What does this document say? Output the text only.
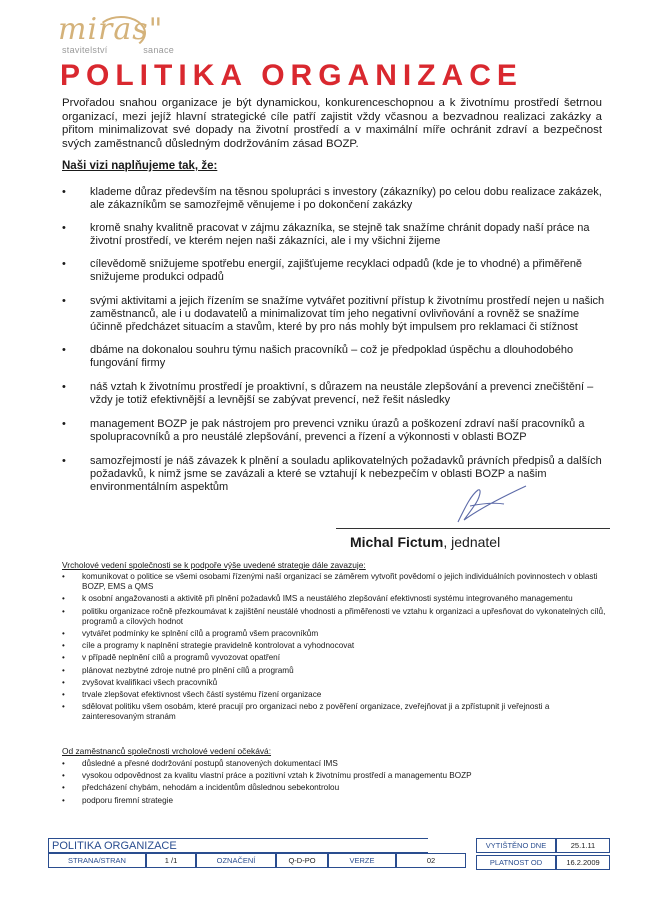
miras"
stavitelství	sanace
POLITIKA ORGANIZACE
Prvořadou snahou organizace je být dynamickou, konkurenceschopnou a k životnímu prostředí šetrnou organizací, mezi jejíž hlavní strategické cíle patří zajistit vždy včasnou a bezvadnou realizaci zakázky a přitom minimalizovat své dopady na životní prostředí a v maximální míře ochránit zdraví a bezpečnost svých zaměstnanců důsledným dodržováním zásad BOZP.
Naši vizi naplňujeme tak, že:
• klademe důraz především na těsnou spolupráci s investory (zákazníky) po celou dobu realizace zakázek, ale zákazníkům se samozřejmě věnujeme i po dokončení zakázky
• kromě snahy kvalitně pracovat v zájmu zákazníka, se stejně tak snažíme chránit dopady naší práce na životní prostředí, ve kterém nejen naši zákazníci, ale i my všichni žijeme
• cílevědomě snižujeme spotřebu energií, zajišťujeme recyklaci odpadů (kde je to vhodné) a přiměřeně snižujeme produkci odpadů
• svými aktivitami a jejich řízením se snažíme vytvářet pozitivní přístup k životnímu prostředí nejen u našich zaměstnanců, ale i u dodavatelů a minimalizovat tím jeho negativní ovlivňování a rovněž se snažíme účinně předcházet situacím a stavům, které by pro nás mohly být impulsem pro reklamaci či stížnost
• dbáme na dokonalou souhru týmu našich pracovníků – což je předpoklad úspěchu a dlouhodobého fungování firmy
• náš vztah k životnímu prostředí je proaktivní, s důrazem na neustále zlepšování a prevenci znečištění – vždy je totiž efektivnější a levnější se zabývat prevencí, než řešit následky
• management BOZP je pak nástrojem pro prevenci vzniku úrazů a poškození zdraví naší pracovníků a spolupracovníků a pro neustálé zlepšování, prevenci a řízení a výkonnosti v oblasti BOZP
• samozřejmostí je náš závazek k plnění a souladu aplikovatelných požadavků právních předpisů a dalších požadavků, k nimž jsme se zavázali a které se vztahují k nebezpečím v oblasti BOZP a našim environmentálním aspektům
Michal Fictum, jednatel
Vrcholové vedení společnosti se k podpoře výše uvedené strategie dále zavazuje:
• komunikovat o politice se všemi osobami řízenými naší organizací se záměrem vytvořit povědomí o jejich individuálních povinnostech v oblasti BOZP, EMS a QMS
• k osobní angažovanosti a aktivitě při plnění požadavků IMS a neustálého zlepšování efektivnosti systému integrovaného managementu
• politiku organizace ročně přezkoumávat k zajištění neustálé vhodnosti a přiměřenosti ve vztahu k organizaci a upřesňovat do vykonatelných cílů, programů a cílových hodnot
• vytvářet podmínky ke splnění cílů a programů všem pracovníkům
• cíle a programy k naplnění strategie pravidelně kontrolovat a vyhodnocovat
• v případě neplnění cílů a programů vyvozovat opatření
• plánovat nezbytné zdroje nutné pro plnění cílů a programů
• zvyšovat kvalifikaci všech pracovníků
• trvale zlepšovat efektivnost všech částí systému řízení organizace
• sdělovat politiku všem osobám, které pracují pro organizaci nebo z pověření organizace, zveřejňovat ji a zpřístupnit ji veřejnosti a zainteresovaným stranám
Od zaměstnanců společnosti vrcholové vedení očekává:
• důsledné a přesné dodržování postupů stanovených dokumentací IMS
• vysokou odpovědnost za kvalitu vlastní práce a pozitivní vztah k životnímu prostředí a managementu BOZP
• předcházení chybám, nehodám a incidentům důslednou sebekontrolou
• podporu firemní strategie
POLITIKA ORGANIZACE
STRANA/STRAN	1 /1	OZNAČENÍ	Q-D-PO	VERZE	02
VYTIŠTĚNO DNE	25.1.11
PLATNOST OD	16.2.2009
